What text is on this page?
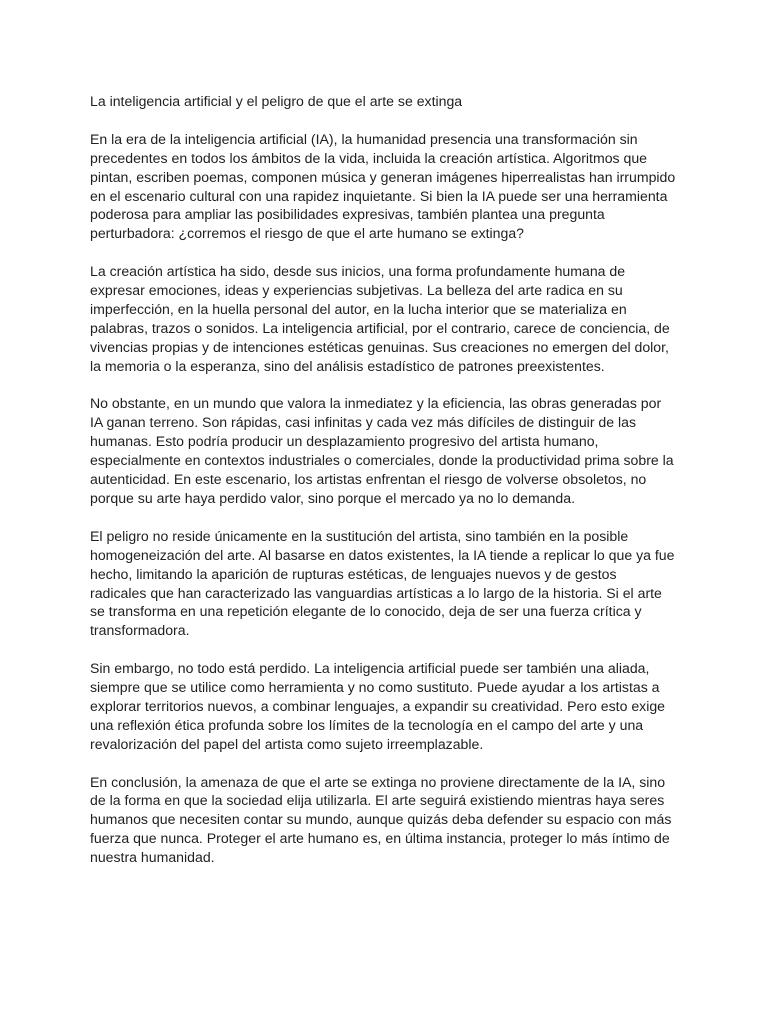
La inteligencia artificial y el peligro de que el arte se extinga

En la era de la inteligencia artificial (IA), la humanidad presencia una transformación sin precedentes en todos los ámbitos de la vida, incluida la creación artística. Algoritmos que pintan, escriben poemas, componen música y generan imágenes hiperrealistas han irrumpido en el escenario cultural con una rapidez inquietante. Si bien la IA puede ser una herramienta poderosa para ampliar las posibilidades expresivas, también plantea una pregunta perturbadora: ¿corremos el riesgo de que el arte humano se extinga?

La creación artística ha sido, desde sus inicios, una forma profundamente humana de expresar emociones, ideas y experiencias subjetivas. La belleza del arte radica en su imperfección, en la huella personal del autor, en la lucha interior que se materializa en palabras, trazos o sonidos. La inteligencia artificial, por el contrario, carece de conciencia, de vivencias propias y de intenciones estéticas genuinas. Sus creaciones no emergen del dolor, la memoria o la esperanza, sino del análisis estadístico de patrones preexistentes.

No obstante, en un mundo que valora la inmediatez y la eficiencia, las obras generadas por IA ganan terreno. Son rápidas, casi infinitas y cada vez más difíciles de distinguir de las humanas. Esto podría producir un desplazamiento progresivo del artista humano, especialmente en contextos industriales o comerciales, donde la productividad prima sobre la autenticidad. En este escenario, los artistas enfrentan el riesgo de volverse obsoletos, no porque su arte haya perdido valor, sino porque el mercado ya no lo demanda.

El peligro no reside únicamente en la sustitución del artista, sino también en la posible homogeneización del arte. Al basarse en datos existentes, la IA tiende a replicar lo que ya fue hecho, limitando la aparición de rupturas estéticas, de lenguajes nuevos y de gestos radicales que han caracterizado las vanguardias artísticas a lo largo de la historia. Si el arte se transforma en una repetición elegante de lo conocido, deja de ser una fuerza crítica y transformadora.

Sin embargo, no todo está perdido. La inteligencia artificial puede ser también una aliada, siempre que se utilice como herramienta y no como sustituto. Puede ayudar a los artistas a explorar territorios nuevos, a combinar lenguajes, a expandir su creatividad. Pero esto exige una reflexión ética profunda sobre los límites de la tecnología en el campo del arte y una revalorización del papel del artista como sujeto irreemplazable.

En conclusión, la amenaza de que el arte se extinga no proviene directamente de la IA, sino de la forma en que la sociedad elija utilizarla. El arte seguirá existiendo mientras haya seres humanos que necesiten contar su mundo, aunque quizás deba defender su espacio con más fuerza que nunca. Proteger el arte humano es, en última instancia, proteger lo más íntimo de nuestra humanidad.
